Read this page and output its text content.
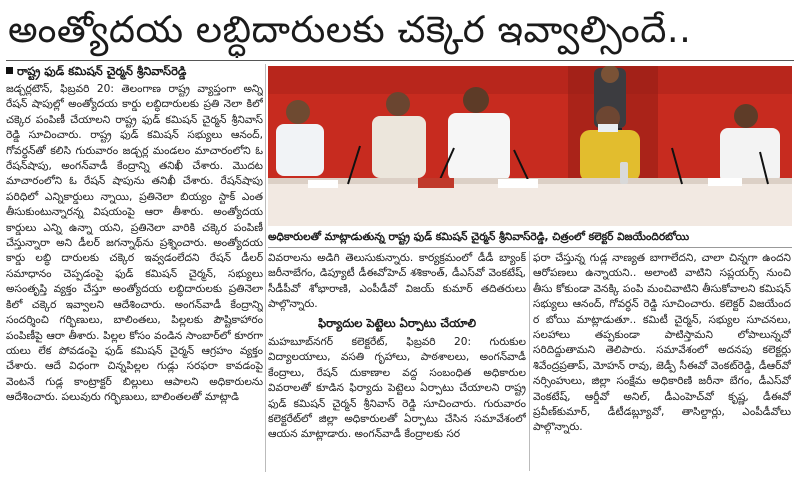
అంత్యోదయ లబ్ధిదారులకు చక్కెర ఇవ్వాల్సిందే..
రాష్ట్ర ఫుడ్ కమిషన్ చైర్మన్ శ్రీనివాస్‌రెడ్డి

జడ్చర్లటౌన్, ఫిబ్రవరి 20: తెలంగాణ రాష్ట్ర వ్యాప్తంగా అన్ని రేషన్ షాపుల్లో అంత్యోదయ కార్డు లబ్ధిదారులకు ప్రతి నెలా కిలో చక్కెర పంపిణీ చేయాలని రాష్ట్ర ఫుడ్ కమిషన్ చైర్మన్ శ్రీనివాస్ రెడ్డి సూచించారు. రాష్ట్ర ఫుడ్ కమిషన్ సభ్యులు ఆనంద్, గోవర్ధన్‌తో కలిసి గురువారం జడ్చర్ల మండలం మాచారంలోని ఓ రేషన్‌షాపు, అంగన్‌వాడీ కేంద్రాన్ని తనిఖీ చేశారు. మొదట మాచారంలోని ఓ రేషన్ షాపును తనిఖీ చేశారు. రేషన్‌షాపు పరిధిలో ఎన్నికార్డులు న్నాయి, ప్రతినెలా బియ్యం స్టాక్ ఎంత తీసుకుంటున్నారన్న విషయంపై ఆరా తీశారు. అంత్యోదయ కార్డులు ఎన్ని ఉన్నా యని, ప్రతినెలా వారికి చక్కెర పంపిణీ చేస్తున్నారా అని డీలర్ జగన్నాథ్‌ను ప్రశ్నించారు. అంత్యోదయ కార్డు లబ్ధి దారులకు చక్కెర ఇవ్వడంలేదని రేషన్ డీలర్ సమాధానం చెప్పడంపై ఫుడ్ కమిషన్ చైర్మన్, సభ్యులు అసంతృప్తి వ్యక్తం చేస్తూ అంత్యోదయ లబ్ధిదారులకు ప్రతినెలా కిలో చక్కెర ఇవ్వాలని ఆదేశించారు. అంగన్‌వాడీ కేంద్రాన్ని సందర్శించి గర్భిణులు, బాలింతలు, పిల్లలకు పౌష్టికాహారం పంపిణీపై ఆరా తీశారు. పిల్లల కోసం వండిన సాంబార్‌లో కూరగా యలు లేక పోవడంపై ఫుడ్ కమిషన్ చైర్మన్ ఆగ్రహం వ్యక్తం చేశారు. ఆదే విధంగా చిన్నపిల్లల గుడ్లు సరఫరా కావడంపై వెంటనే గుడ్ల కాంట్రాక్టర్ బిల్లులు ఆపాలని అధికారులను ఆదేశించారు. పలువురు గర్భిణులు, బాలింతలతో మాట్లాడి

అధికారులతో మాట్లాడుతున్న రాష్ట్ర ఫుడ్ కమిషన్ చైర్మన్ శ్రీనివాస్‌రెడ్డి, చిత్రంలో కలెక్టర్ విజయేందిరబోయి

వివరాలను అడిగి తెలుసుకున్నారు. కార్యక్రమంలో డీడీ బ్యాంక్ జరీనాబేగం, డిప్యూటీ డీఈవోహెచ్ శశికాంత్, డీఎస్‌వో వెంకటేష్, సీడీపీవో శోభారాణి, ఎంపీడీవో విజయ్ కుమార్ తదితరులు పాల్గొన్నారు.

ఫిర్యాదుల పెట్టెలు ఏర్పాటు చేయాలి

మహబూబ్‌నగర్ కలెక్టరేట్, ఫిబ్రవరి 20: గురుకుల విద్యాలయాలు, వసతి గృహాలు, పాఠశాలలు, అంగన్‌వాడీ కేంద్రాలు, రేషన్ దుకాణాల వద్ద సంబంధిత అధికారుల వివరాలతో కూడిన ఫిర్యాదు పెట్టెలు ఏర్పాటు చేయాలని రాష్ట్ర ఫుడ్ కమిషన్ చైర్మన్ శ్రీనివాస్ రెడ్డి సూచించారు. గురువారం కలెక్టరేట్‌లో జిల్లా అధికారులతో ఏర్పాటు చేసిన సమావేశంలో ఆయన మాట్లాడారు. అంగన్‌వాడీ కేంద్రాలకు సర

ఫరా చేస్తున్న గుడ్ల నాణ్యత బాగాలేదని, చాలా చిన్నగా ఉందని ఆరోపణలు ఉన్నాయని.. అలాంటి వాటిని సప్లయర్స్ నుంచి తీసు కోకుండా వెనక్కి పంపి మంచివాటిని తీసుకోవాలని కమిషన్ సభ్యులు ఆనంద్, గోవర్ధన్ రెడ్డి సూచించారు. కలెక్టర్ విజయేంద ర బోయి మాట్లాడుతూ.. కమిటీ చైర్మన్, సభ్యుల సూచనలు, సలహాలు తప్పకుండా పాటిస్తామని లోపాలున్నచో సరిదిద్దుతామని తెలిపారు. సమావేశంలో అదనపు కలెక్టర్లు శివేంద్రప్రతాప్, మోహన్ రావు, జెడ్పీ సీఈవో వెంకట్‌రెడ్డి, డీఆర్‌వో నర్సింహులు, జిల్లా సంక్షేమ అధికారిణి జరీనా బేగం, డీఎస్‌వో వెంకటేష్, ఆర్డీవో అనిల్, డీఎంహెచ్‌వో కృష్ణ, డీఈవో ప్రవీణ్‌కుమార్, డీటీడబ్ల్యూవో, తాసిల్దార్లు, ఎంపీడీవోలు పాల్గొన్నారు.
